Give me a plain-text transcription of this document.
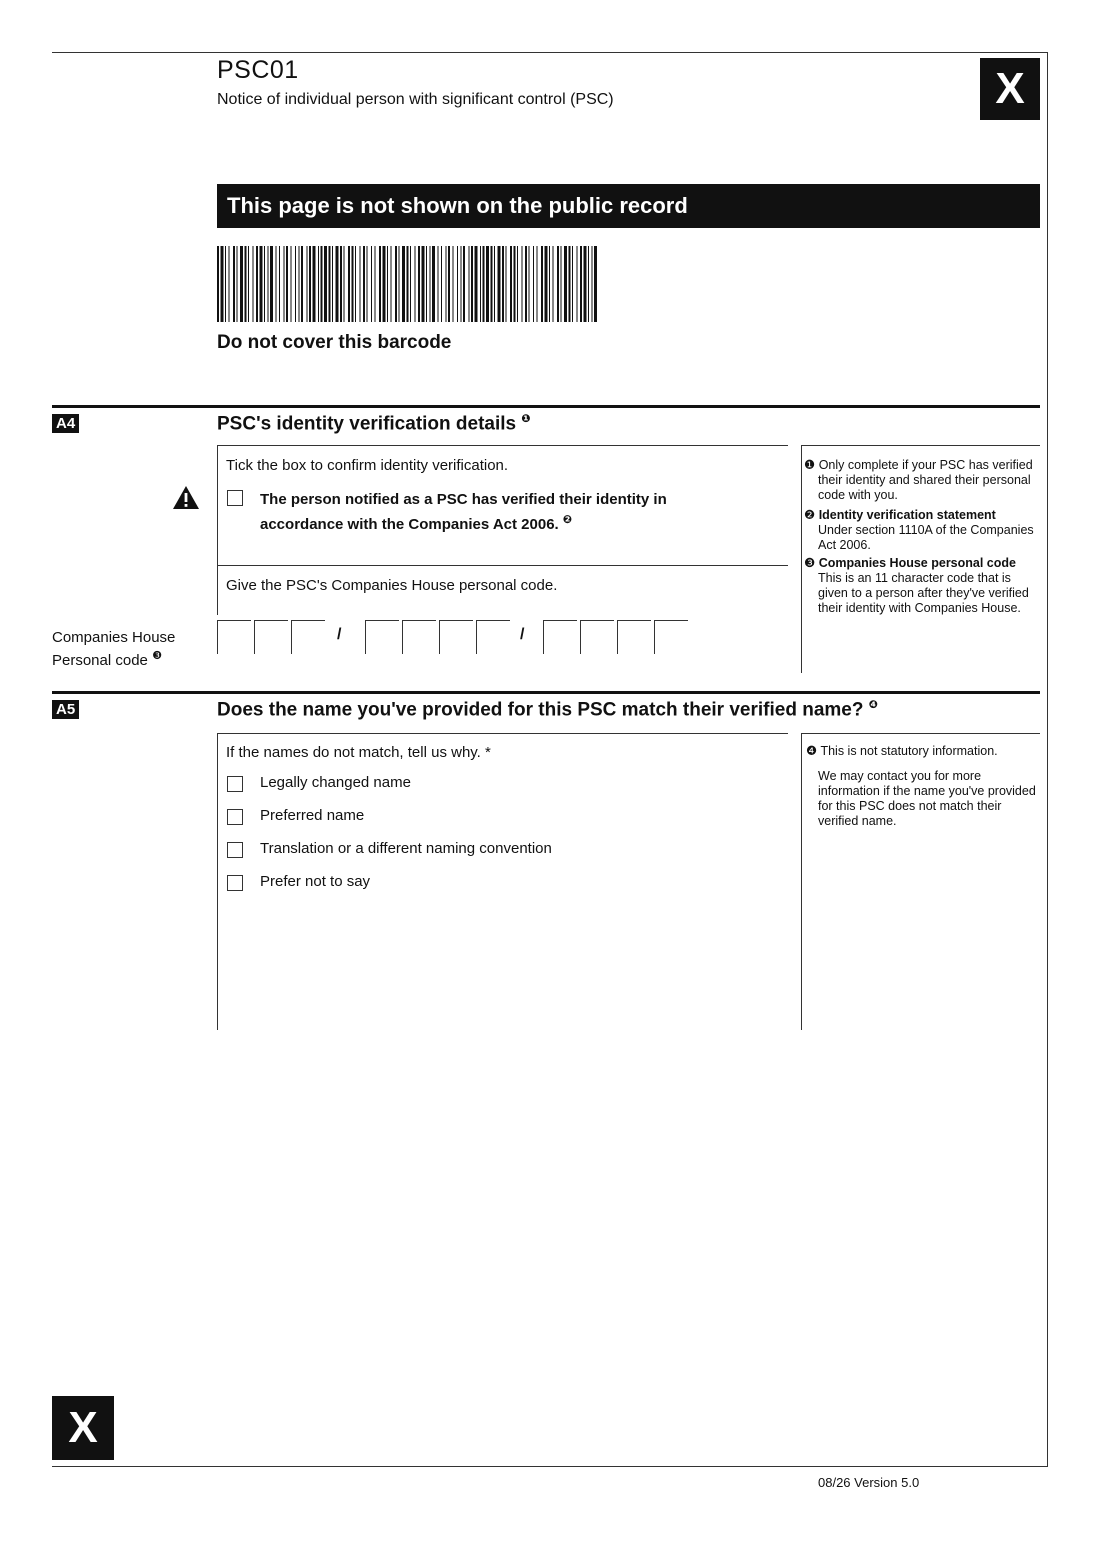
PSC01
Notice of individual person with significant control (PSC)	X
This page is not shown on the public record
Do not cover this barcode
A4	PSC's identity verification details $^❶$
Tick the box to confirm identity verification.
The person notified as a PSC has verified their identity in accordance with the Companies Act 2006. $^❷$
Give the PSC's Companies House personal code.
Companies House Personal code $^❸$
/	/

❶ Only complete if your PSC has verified their identity and shared their personal code with you.

❷ Identity verification statement
Under section 1110A of the Companies Act 2006.

❸ Companies House personal code
This is an 11 character code that is given to a person after they've verified their identity with Companies House.

A5	Does the name you've provided for this PSC match their verified name? $^❹$
If the names do not match, tell us why. *
Legally changed name
Preferred name
Translation or a different naming convention
Prefer not to say

❹ This is not statutory information.

We may contact you for more information if the name you've provided for this PSC does not match their verified name.

X
08/26 Version 5.0
